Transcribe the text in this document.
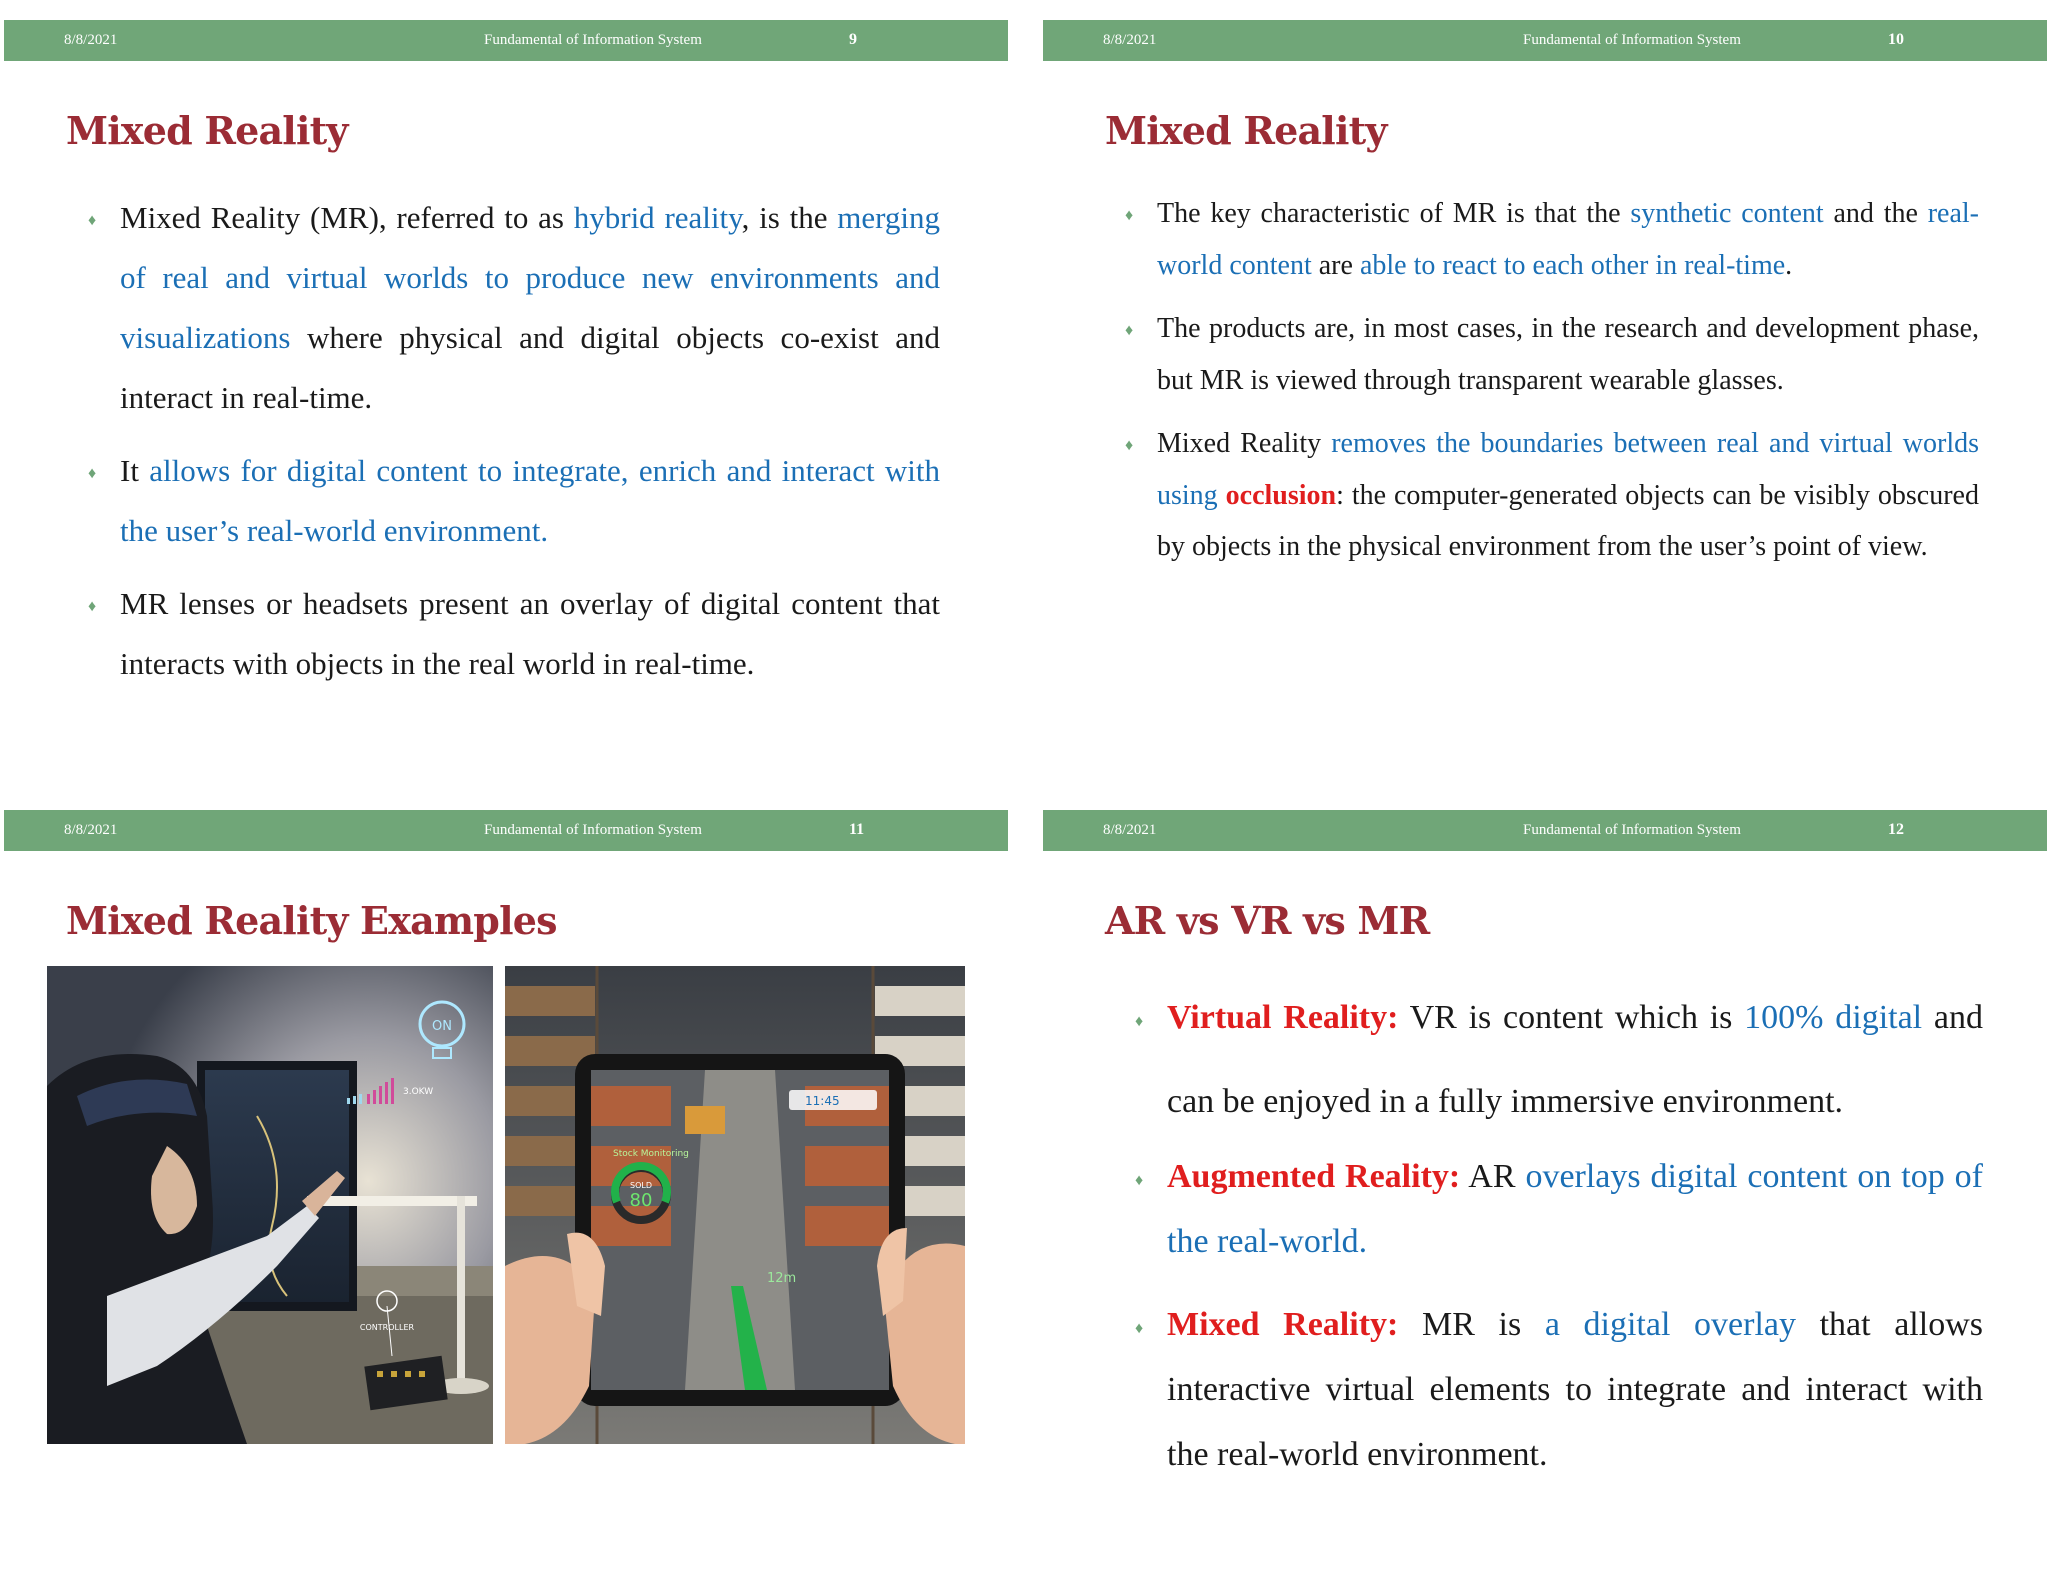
8/8/2021	Fundamental of Information System	9
Mixed Reality
♦ Mixed Reality (MR), referred to as hybrid reality, is the merging of real and virtual worlds to produce new environments and visualizations where physical and digital objects co-exist and interact in real-time.
♦ It allows for digital content to integrate, enrich and interact with the user’s real-world environment.
♦ MR lenses or headsets present an overlay of digital content that interacts with objects in the real world in real-time.
8/8/2021	Fundamental of Information System	10
Mixed Reality
♦ The key characteristic of MR is that the synthetic content and the real-world content are able to react to each other in real-time.
♦ The products are, in most cases, in the research and development phase, but MR is viewed through transparent wearable glasses.
♦ Mixed Reality removes the boundaries between real and virtual worlds using occlusion: the computer-generated objects can be visibly obscured by objects in the physical environment from the user’s point of view.
8/8/2021	Fundamental of Information System	11
Mixed Reality Examples
ON
3.OKW
CONTROLLER
12m
11:45
Stock Monitoring
SOLD
80
8/8/2021	Fundamental of Information System	12
AR vs VR vs MR
♦ Virtual Reality: VR is content which is 100% digital and can be enjoyed in a fully immersive environment.
♦ Augmented Reality: AR overlays digital content on top of the real-world.
♦ Mixed Reality: MR is a digital overlay that allows interactive virtual elements to integrate and interact with the real-world environment.
